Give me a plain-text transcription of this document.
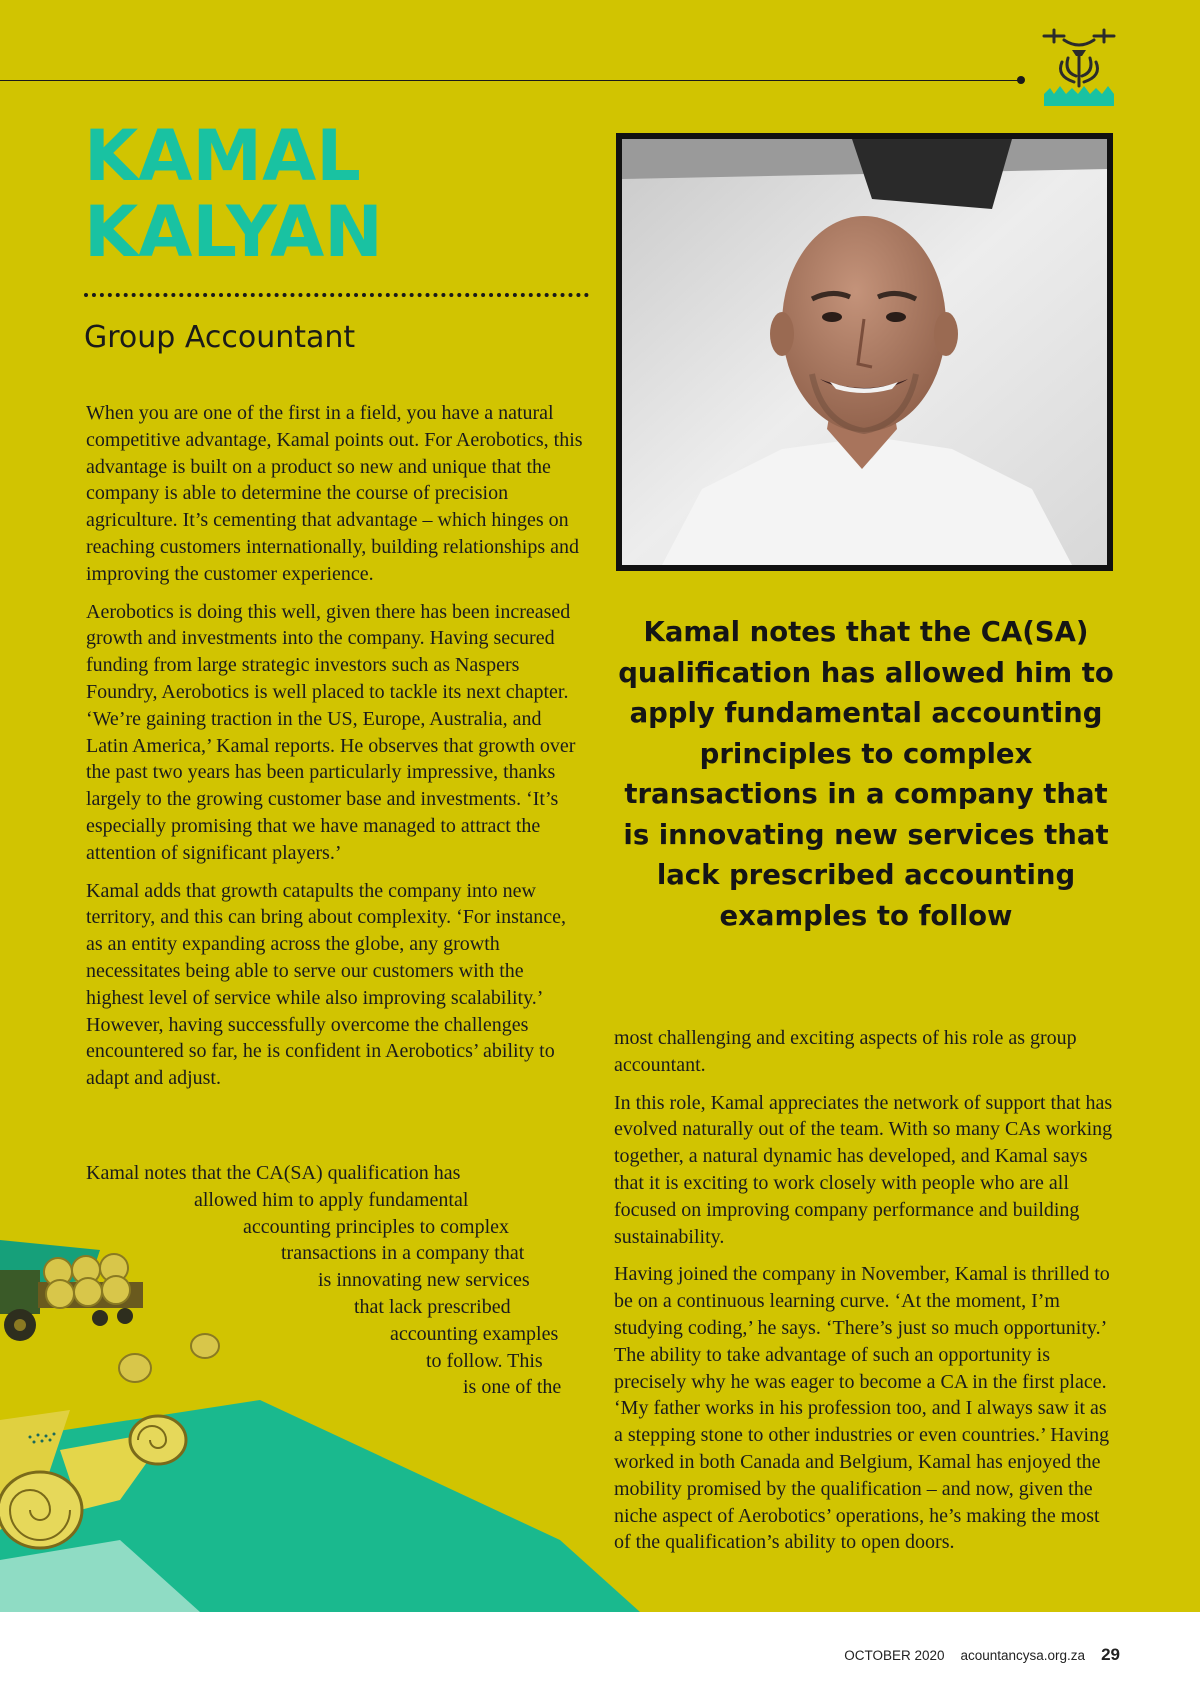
KAMAL
KALYAN
Group Accountant

When you are one of the first in a field, you have a natural competitive advantage, Kamal points out. For Aerobotics, this advantage is built on a product so new and unique that the company is able to determine the course of precision agriculture. It’s cementing that advantage – which hinges on reaching customers internationally, building relationships and improving the customer experience.

Aerobotics is doing this well, given there has been increased growth and investments into the company. Having secured funding from large strategic investors such as Naspers Foundry, Aerobotics is well placed to tackle its next chapter. ‘We’re gaining traction in the US, Europe, Australia, and Latin America,’ Kamal reports. He observes that growth over the past two years has been particularly impressive, thanks largely to the growing customer base and investments. ‘It’s especially promising that we have managed to attract the attention of significant players.’

Kamal adds that growth catapults the company into new territory, and this can bring about complexity. ‘For instance, as an entity expanding across the globe, any growth necessitates being able to serve our customers with the highest level of service while also improving scalability.’ However, having successfully overcome the challenges encountered so far, he is confident in Aerobotics’ ability to adapt and adjust.

Kamal notes that the CA(SA) qualification has
allowed him to apply fundamental
accounting principles to complex
transactions in a company that
is innovating new services
that lack prescribed
accounting examples
to follow. This
is one of the
Kamal notes that the CA(SA) qualification has allowed him to apply fundamental accounting principles to complex transactions in a company that is innovating new services that lack prescribed accounting examples to follow

most challenging and exciting aspects of his role as group accountant.

In this role, Kamal appreciates the network of support that has evolved naturally out of the team. With so many CAs working together, a natural dynamic has developed, and Kamal says that it is exciting to work closely with people who are all focused on improving company performance and building sustainability.

Having joined the company in November, Kamal is thrilled to be on a continuous learning curve. ‘At the moment, I’m studying coding,’ he says. ‘There’s just so much opportunity.’ The ability to take advantage of such an opportunity is precisely why he was eager to become a CA in the first place. ‘My father works in his profession too, and I always saw it as a stepping stone to other industries or even countries.’ Having worked in both Canada and Belgium, Kamal has enjoyed the mobility promised by the qualification – and now, given the niche aspect of Aerobotics’ operations, he’s making the most of the qualification’s ability to open doors.

OCTOBER 2020 acountancysa.org.za 29
